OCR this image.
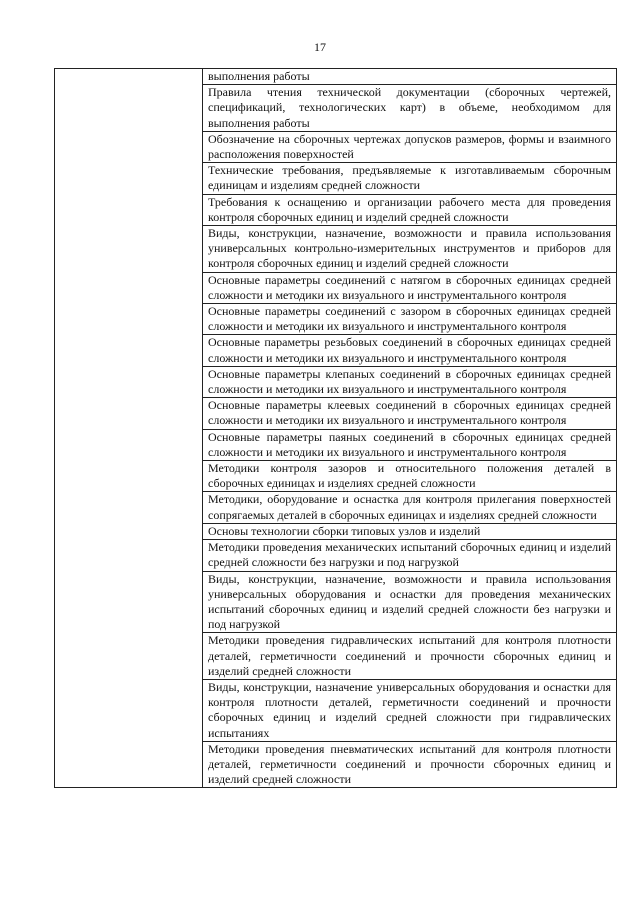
17
	выполнения работы
Правила чтения технической документации (сборочных чертежей, спецификаций, технологических карт) в объеме, необходимом для выполнения работы
Обозначение на сборочных чертежах допусков размеров, формы и взаимного расположения поверхностей
Технические требования, предъявляемые к изготавливаемым сборочным единицам и изделиям средней сложности
Требования к оснащению и организации рабочего места для проведения контроля сборочных единиц и изделий средней сложности
Виды, конструкции, назначение, возможности и правила использования универсальных контрольно-измерительных инструментов и приборов для контроля сборочных единиц и изделий средней сложности
Основные параметры соединений с натягом в сборочных единицах средней сложности и методики их визуального и инструментального контроля
Основные параметры соединений с зазором в сборочных единицах средней сложности и методики их визуального и инструментального контроля
Основные параметры резьбовых соединений в сборочных единицах средней сложности и методики их визуального и инструментального контроля
Основные параметры клепаных соединений в сборочных единицах средней сложности и методики их визуального и инструментального контроля
Основные параметры клеевых соединений в сборочных единицах средней сложности и методики их визуального и инструментального контроля
Основные параметры паяных соединений в сборочных единицах средней сложности и методики их визуального и инструментального контроля
Методики контроля зазоров и относительного положения деталей в сборочных единицах и изделиях средней сложности
Методики, оборудование и оснастка для контроля прилегания поверхностей сопрягаемых деталей в сборочных единицах и изделиях средней сложности
Основы технологии сборки типовых узлов и изделий
Методики проведения механических испытаний сборочных единиц и изделий средней сложности без нагрузки и под нагрузкой
Виды, конструкции, назначение, возможности и правила использования универсальных оборудования и оснастки для проведения механических испытаний сборочных единиц и изделий средней сложности без нагрузки и под нагрузкой
Методики проведения гидравлических испытаний для контроля плотности деталей, герметичности соединений и прочности сборочных единиц и изделий средней сложности
Виды, конструкции, назначение универсальных оборудования и оснастки для контроля плотности деталей, герметичности соединений и прочности сборочных единиц и изделий средней сложности при гидравлических испытаниях
Методики проведения пневматических испытаний для контроля плотности деталей, герметичности соединений и прочности сборочных единиц и изделий средней сложности
